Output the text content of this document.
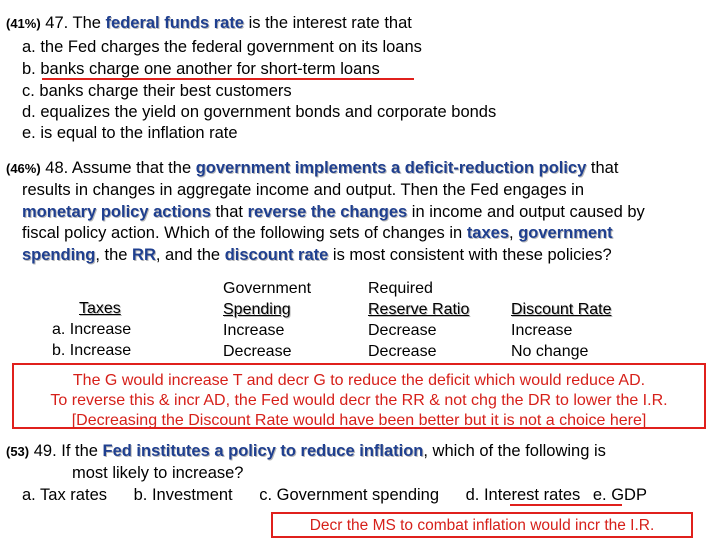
(41%) 47. The federal funds rate is the interest rate that
a. the Fed charges the federal government on its loans
b. banks charge one another for short-term loans
c. banks charge their best customers
d. equalizes the yield on government bonds and corporate bonds
e. is equal to the inflation rate
(46%) 48. Assume that the government implements a deficit-reduction policy that
results in changes in aggregate income and output. Then the Fed engages in
monetary policy actions that reverse the changes in income and output caused by
fiscal policy action. Which of the following sets of changes in taxes, government
spending, the RR, and the discount rate is most consistent with these policies?
Taxes
a. Increase
b. Increase
Government
Spending
Increase
Decrease
Required
Reserve Ratio
Decrease
Decrease
Discount Rate
Increase
No change
The G would increase T and decr G to reduce the deficit which would reduce AD.
To reverse this & incr AD, the Fed would decr the RR & not chg the DR to lower the I.R.
[Decreasing the Discount Rate would have been better but it is not a choice here]
(53) 49. If the Fed institutes a policy to reduce inflation, which of the following is
most likely to increase?
a. Tax rates b. Investment c. Government spending d. Interest rates e. GDP
Decr the MS to combat inflation would incr the I.R.
